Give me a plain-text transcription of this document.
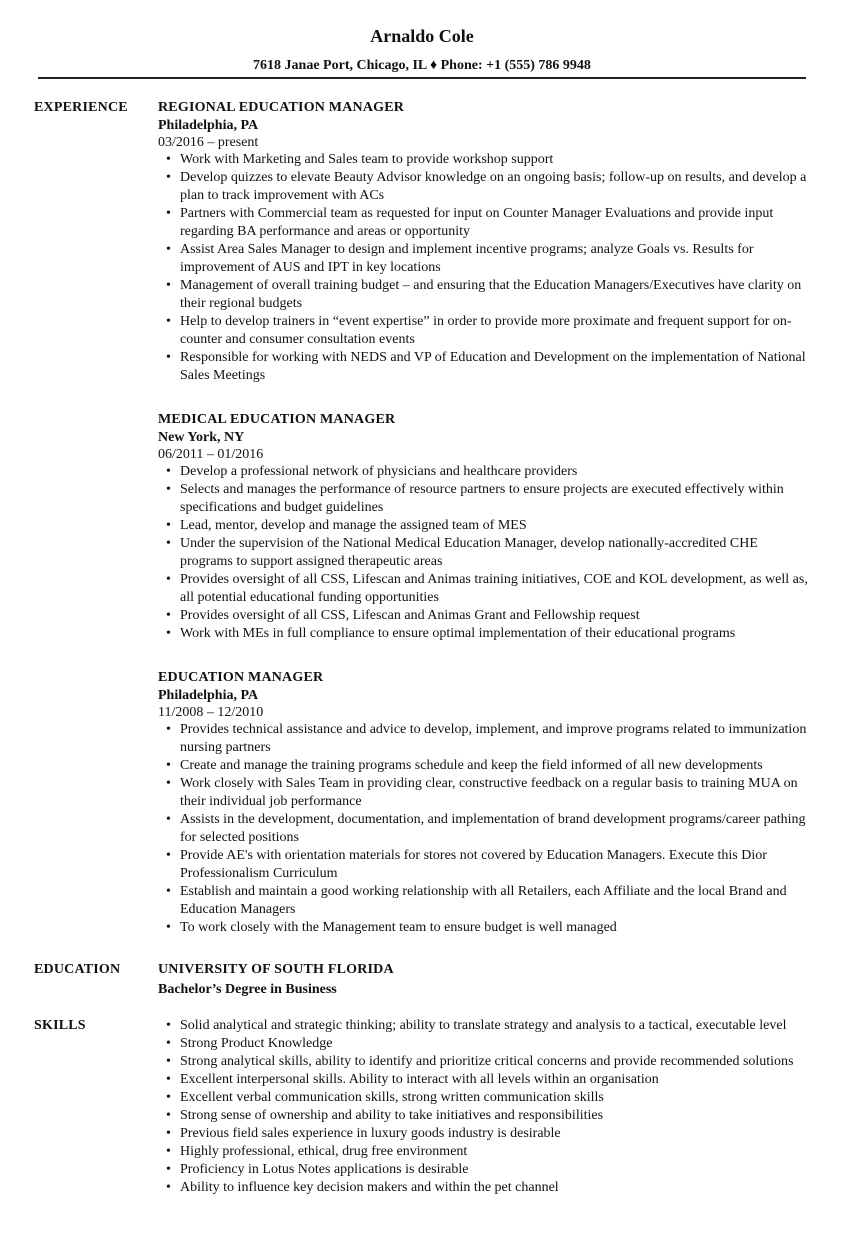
Arnaldo Cole
7618 Janae Port, Chicago, IL ♦ Phone: +1 (555) 786 9948
EXPERIENCE REGIONAL EDUCATION MANAGER
Philadelphia, PA
03/2016 – present
• Work with Marketing and Sales team to provide workshop support
• Develop quizzes to elevate Beauty Advisor knowledge on an ongoing basis; follow-up on results, and develop a plan to track improvement with ACs
• Partners with Commercial team as requested for input on Counter Manager Evaluations and provide input regarding BA performance and areas or opportunity
• Assist Area Sales Manager to design and implement incentive programs; analyze Goals vs. Results for improvement of AUS and IPT in key locations
• Management of overall training budget – and ensuring that the Education Managers/Executives have clarity on their regional budgets
• Help to develop trainers in “event expertise” in order to provide more proximate and frequent support for on-counter and consumer consultation events
• Responsible for working with NEDS and VP of Education and Development on the implementation of National Sales Meetings
MEDICAL EDUCATION MANAGER
New York, NY
06/2011 – 01/2016
• Develop a professional network of physicians and healthcare providers
• Selects and manages the performance of resource partners to ensure projects are executed effectively within specifications and budget guidelines
• Lead, mentor, develop and manage the assigned team of MES
• Under the supervision of the National Medical Education Manager, develop nationally-accredited CHE programs to support assigned therapeutic areas
• Provides oversight of all CSS, Lifescan and Animas training initiatives, COE and KOL development, as well as, all potential educational funding opportunities
• Provides oversight of all CSS, Lifescan and Animas Grant and Fellowship request
• Work with MEs in full compliance to ensure optimal implementation of their educational programs
EDUCATION MANAGER
Philadelphia, PA
11/2008 – 12/2010
• Provides technical assistance and advice to develop, implement, and improve programs related to immunization nursing partners
• Create and manage the training programs schedule and keep the field informed of all new developments
• Work closely with Sales Team in providing clear, constructive feedback on a regular basis to training MUA on their individual job performance
• Assists in the development, documentation, and implementation of brand development programs/career pathing for selected positions
• Provide AE's with orientation materials for stores not covered by Education Managers. Execute this Dior Professionalism Curriculum
• Establish and maintain a good working relationship with all Retailers, each Affiliate and the local Brand and Education Managers
• To work closely with the Management team to ensure budget is well managed
EDUCATION	UNIVERSITY OF SOUTH FLORIDA
Bachelor’s Degree in Business
SKILLS
•	Solid analytical and strategic thinking; ability to translate strategy and analysis to a tactical, executable level
• Strong Product Knowledge
• Strong analytical skills, ability to identify and prioritize critical concerns and provide recommended solutions
• Excellent interpersonal skills. Ability to interact with all levels within an organisation
• Excellent verbal communication skills, strong written communication skills
• Strong sense of ownership and ability to take initiatives and responsibilities
• Previous field sales experience in luxury goods industry is desirable
• Highly professional, ethical, drug free environment
• Proficiency in Lotus Notes applications is desirable
• Ability to influence key decision makers and within the pet channel
